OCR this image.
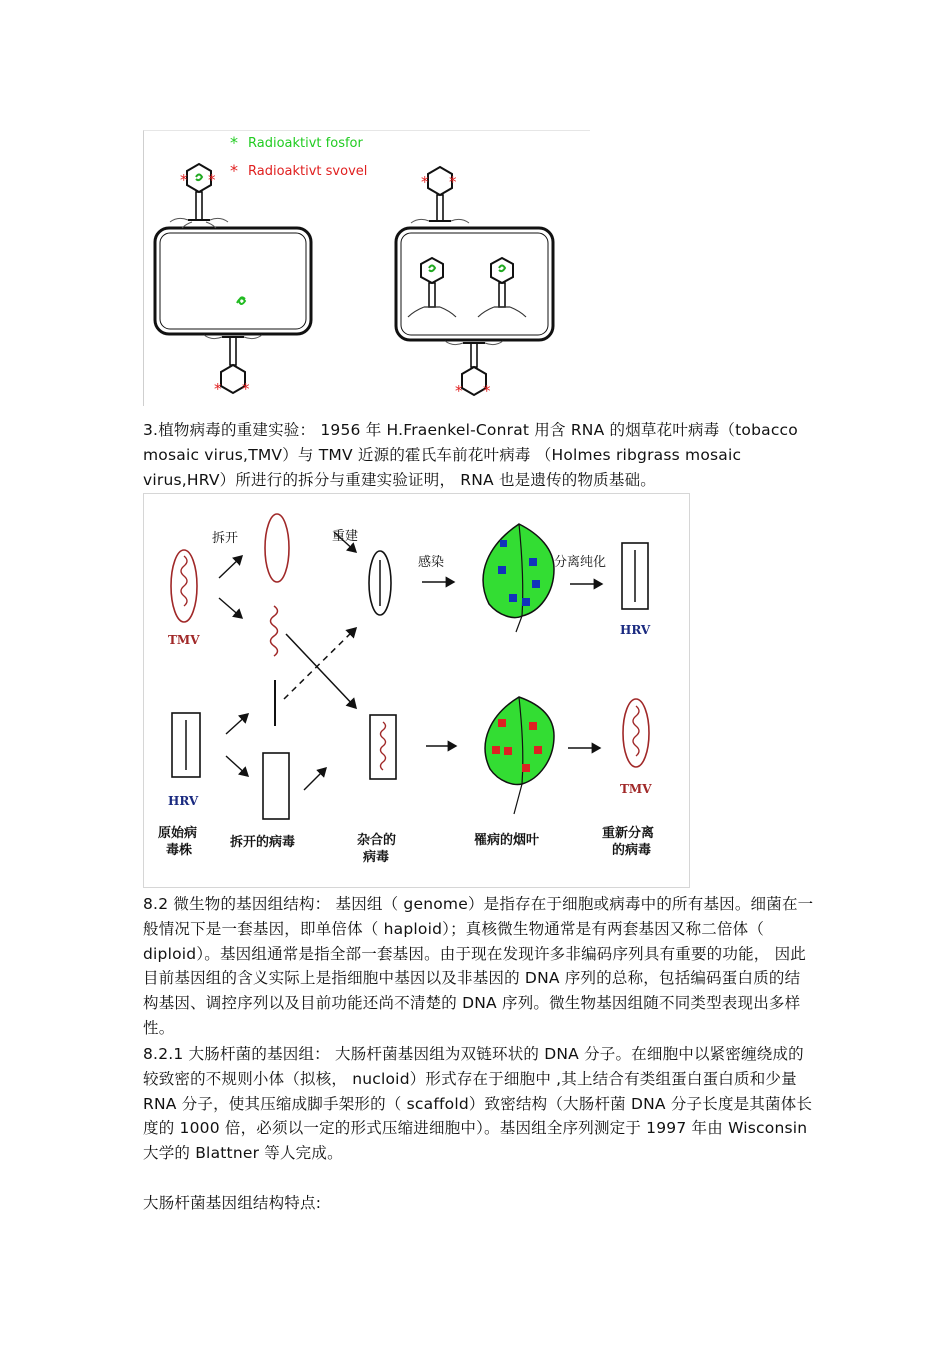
* Radioaktivt fosfor
* Radioaktivt svovel
* *
* *
* *
* *

3.植物病毒的重建实验： 1956 年 H.Fraenkel-Conrat 用含 RNA 的烟草花叶病毒（tobacco mosaic virus,TMV）与 TMV 近源的霍氏车前花叶病毒 （Holmes ribgrass mosaic virus,HRV）所进行的拆分与重建实验证明， RNA 也是遗传的物质基础。

TMV
拆开	重建
感染	分离纯化
HRV
HRV
TMV
原始病
毒株
拆开的病毒	杂合的
病毒
罹病的烟叶	重新分离
的病毒

8.2 微生物的基因组结构： 基因组（ genome）是指存在于细胞或病毒中的所有基因。细菌在一般情况下是一套基因，即单倍体（ haploid）；真核微生物通常是有两套基因又称二倍体（ diploid）。基因组通常是指全部一套基因。由于现在发现许多非编码序列具有重要的功能， 因此目前基因组的含义实际上是指细胞中基因以及非基因的 DNA 序列的总称，包括编码蛋白质的结构基因、调控序列以及目前功能还尚不清楚的 DNA 序列。微生物基因组随不同类型表现出多样性。

8.2.1 大肠杆菌的基因组： 大肠杆菌基因组为双链环状的 DNA 分子。在细胞中以紧密缠绕成的较致密的不规则小体（拟核， nucloid）形式存在于细胞中 ,其上结合有类组蛋白蛋白质和少量 RNA 分子，使其压缩成脚手架形的（ scaffold）致密结构（大肠杆菌 DNA 分子长度是其菌体长度的 1000 倍，必须以一定的形式压缩进细胞中）。基因组全序列测定于 1997 年由 Wisconsin 大学的 Blattner 等人完成。

大肠杆菌基因组结构特点:
